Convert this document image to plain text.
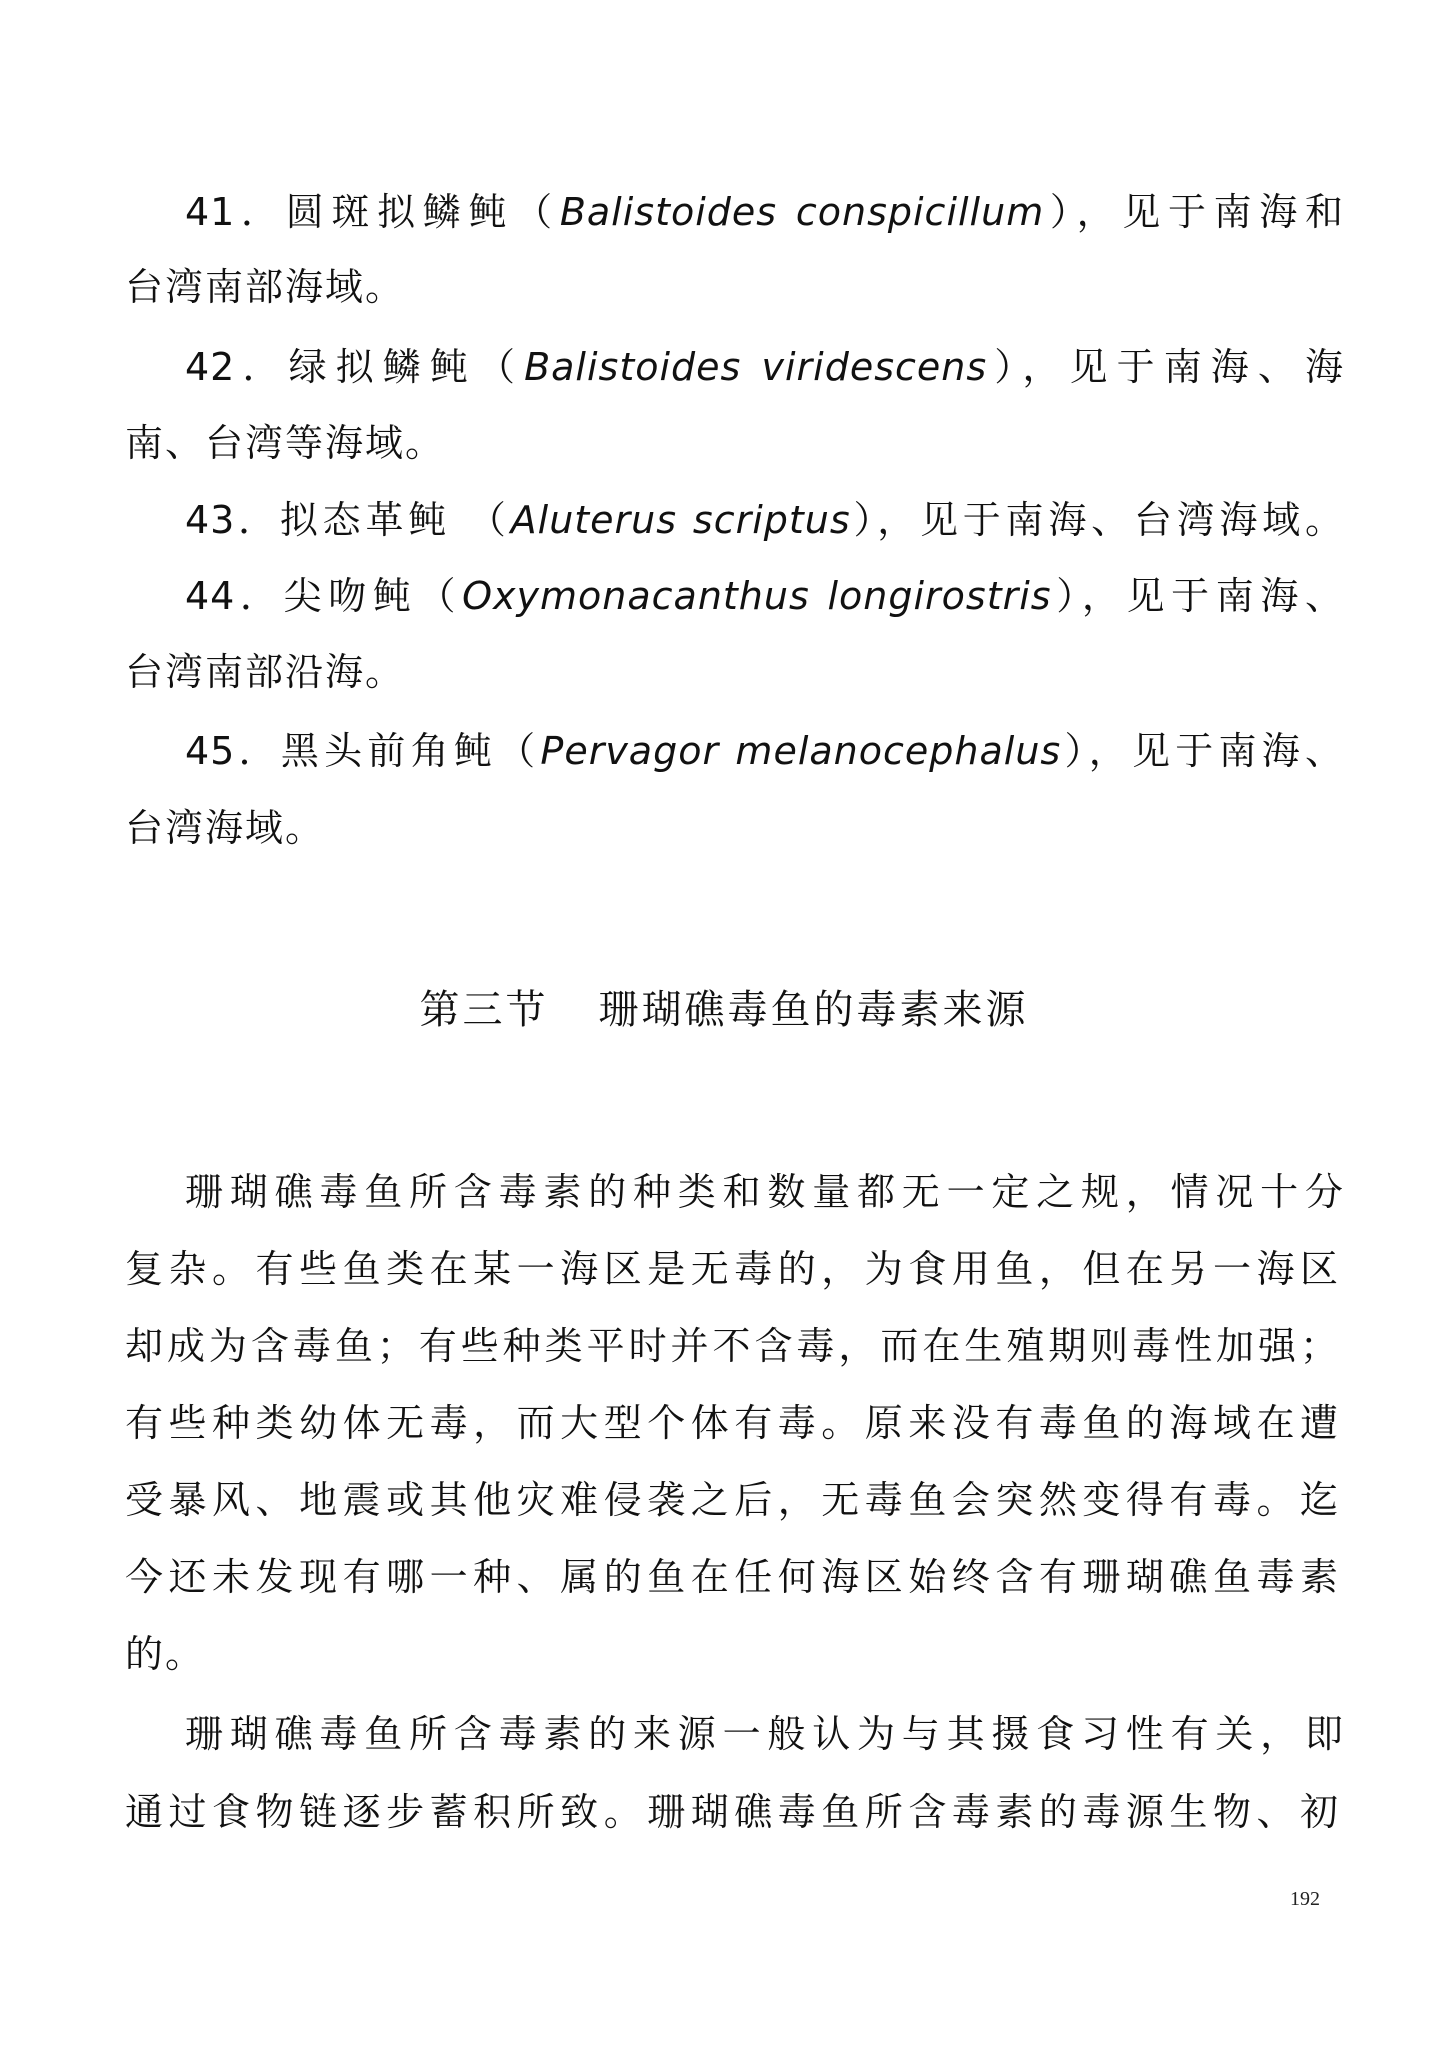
41．圆斑拟鳞鲀（Balistoides conspicillum），见于南海和
台湾南部海域。
42．绿拟鳞鲀（Balistoides viridescens），见于南海、海
南、台湾等海域。
43．拟态革鲀 （Aluterus scriptus），见于南海、台湾海域。
44．尖吻鲀（Oxymonacanthus longirostris），见于南海、
台湾南部沿海。
45．黑头前角鲀（Pervagor melanocephalus），见于南海、
台湾海域。
第三节 珊瑚礁毒鱼的毒素来源
珊瑚礁毒鱼所含毒素的种类和数量都无一定之规，情况十分
复杂。有些鱼类在某一海区是无毒的，为食用鱼，但在另一海区
却成为含毒鱼；有些种类平时并不含毒，而在生殖期则毒性加强；
有些种类幼体无毒，而大型个体有毒。原来没有毒鱼的海域在遭
受暴风、地震或其他灾难侵袭之后，无毒鱼会突然变得有毒。迄
今还未发现有哪一种、属的鱼在任何海区始终含有珊瑚礁鱼毒素
的。
珊瑚礁毒鱼所含毒素的来源一般认为与其摄食习性有关，即
通过食物链逐步蓄积所致。珊瑚礁毒鱼所含毒素的毒源生物、初
192
